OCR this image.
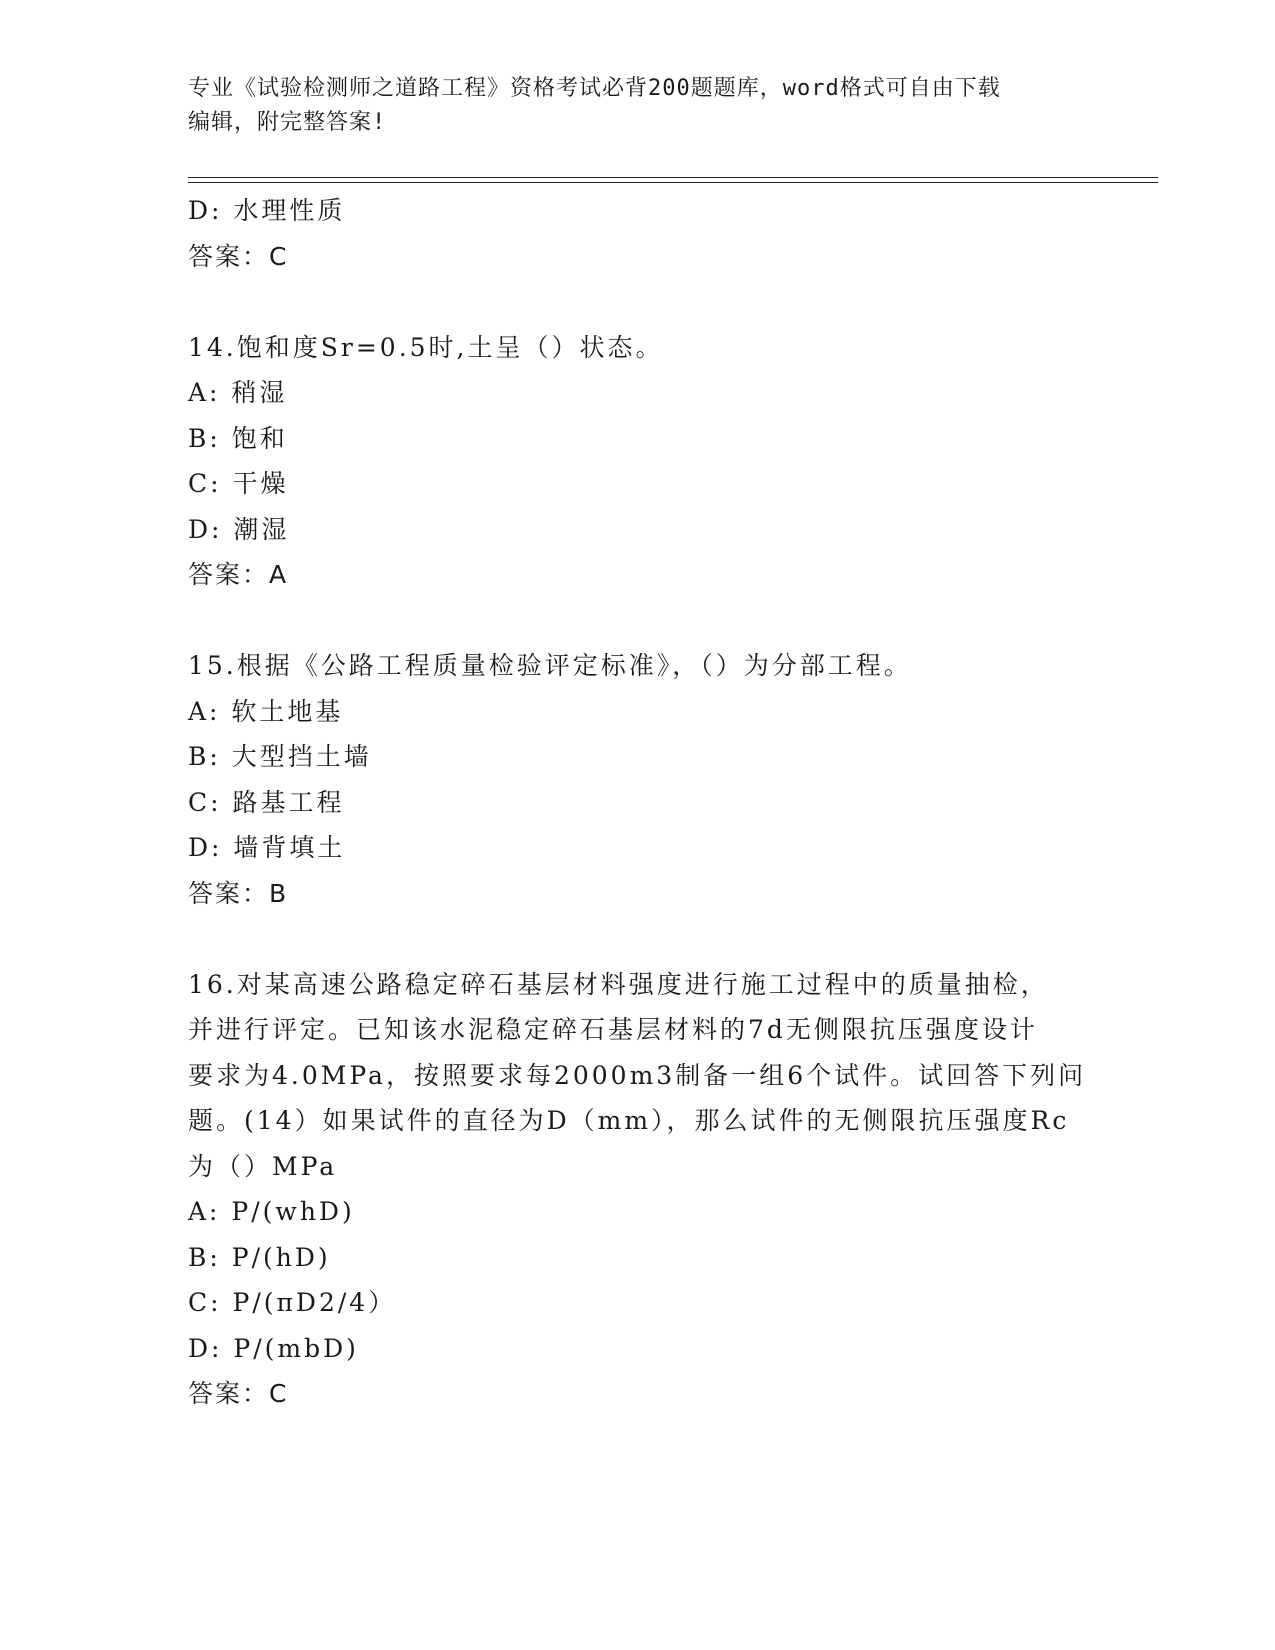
专业《试验检测师之道路工程》资格考试必背200题题库，word格式可自由下载
编辑，附完整答案!
D: 水理性质
答案：C
14.饱和度Sr=0.5时,土呈（）状态。
A: 稍湿
B: 饱和
C: 干燥
D: 潮湿
答案：A
15.根据《公路工程质量检验评定标准》，（）为分部工程。
A: 软土地基
B: 大型挡土墙
C: 路基工程
D: 墙背填土
答案：B
16.对某高速公路稳定碎石基层材料强度进行施工过程中的质量抽检，
并进行评定。已知该水泥稳定碎石基层材料的7d无侧限抗压强度设计
要求为4.0MPa，按照要求每2000m3制备一组6个试件。试回答下列问
题。(14）如果试件的直径为D（mm），那么试件的无侧限抗压强度Rc
为（）MPa
A: P/(whD)
B: P/(hD)
C: P/(πD2/4）
D: P/(mbD)
答案：C
